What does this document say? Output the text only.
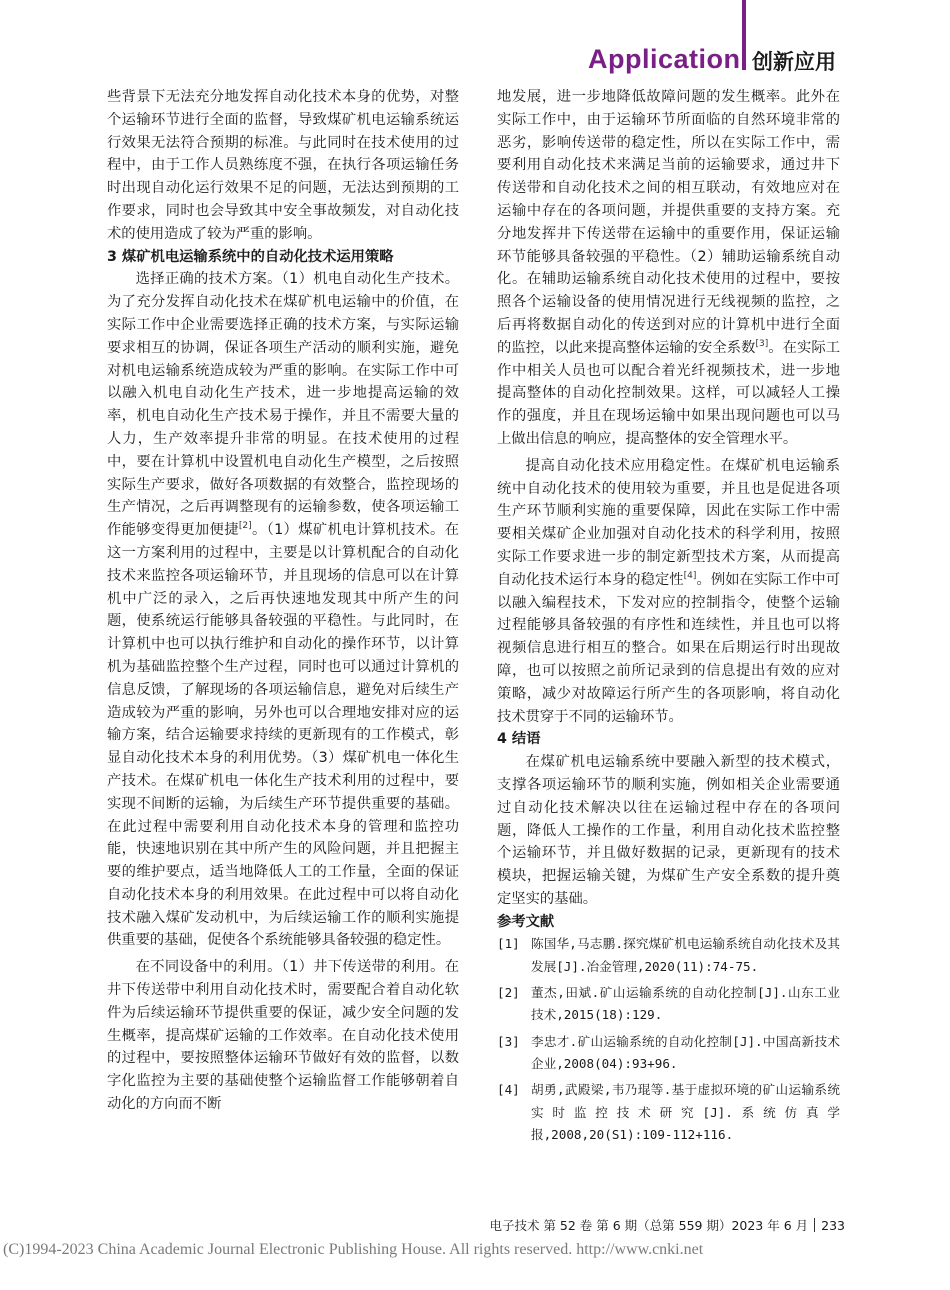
Application 创新应用

些背景下无法充分地发挥自动化技术本身的优势，对整个运输环节进行全面的监督，导致煤矿机电运输系统运行效果无法符合预期的标准。与此同时在技术使用的过程中，由于工作人员熟练度不强，在执行各项运输任务时出现自动化运行效果不足的问题，无法达到预期的工作要求，同时也会导致其中安全事故频发，对自动化技术的使用造成了较为严重的影响。

3 煤矿机电运输系统中的自动化技术运用策略

选择正确的技术方案。（1）机电自动化生产技术。为了充分发挥自动化技术在煤矿机电运输中的价值，在实际工作中企业需要选择正确的技术方案，与实际运输要求相互的协调，保证各项生产活动的顺利实施，避免对机电运输系统造成较为严重的影响。在实际工作中可以融入机电自动化生产技术，进一步地提高运输的效率，机电自动化生产技术易于操作，并且不需要大量的人力，生产效率提升非常的明显。在技术使用的过程中，要在计算机中设置机电自动化生产模型，之后按照实际生产要求，做好各项数据的有效整合，监控现场的生产情况，之后再调整现有的运输参数，使各项运输工作能够变得更加便捷[2]。（1）煤矿机电计算机技术。在这一方案利用的过程中，主要是以计算机配合的自动化技术来监控各项运输环节，并且现场的信息可以在计算机中广泛的录入，之后再快速地发现其中所产生的问题，使系统运行能够具备较强的平稳性。与此同时，在计算机中也可以执行维护和自动化的操作环节，以计算机为基础监控整个生产过程，同时也可以通过计算机的信息反馈，了解现场的各项运输信息，避免对后续生产造成较为严重的影响，另外也可以合理地安排对应的运输方案，结合运输要求持续的更新现有的工作模式，彰显自动化技术本身的利用优势。（3）煤矿机电一体化生产技术。在煤矿机电一体化生产技术利用的过程中，要实现不间断的运输，为后续生产环节提供重要的基础。在此过程中需要利用自动化技术本身的管理和监控功能，快速地识别在其中所产生的风险问题，并且把握主要的维护要点，适当地降低人工的工作量，全面的保证自动化技术本身的利用效果。在此过程中可以将自动化技术融入煤矿发动机中，为后续运输工作的顺利实施提供重要的基础，促使各个系统能够具备较强的稳定性。

在不同设备中的利用。（1）井下传送带的利用。在井下传送带中利用自动化技术时，需要配合着自动化软件为后续运输环节提供重要的保证，减少安全问题的发生概率，提高煤矿运输的工作效率。在自动化技术使用的过程中，要按照整体运输环节做好有效的监督，以数字化监控为主要的基础使整个运输监督工作能够朝着自动化的方向而不断

地发展，进一步地降低故障问题的发生概率。此外在实际工作中，由于运输环节所面临的自然环境非常的恶劣，影响传送带的稳定性，所以在实际工作中，需要利用自动化技术来满足当前的运输要求，通过井下传送带和自动化技术之间的相互联动，有效地应对在运输中存在的各项问题，并提供重要的支持方案。充分地发挥井下传送带在运输中的重要作用，保证运输环节能够具备较强的平稳性。（2）辅助运输系统自动化。在辅助运输系统自动化技术使用的过程中，要按照各个运输设备的使用情况进行无线视频的监控，之后再将数据自动化的传送到对应的计算机中进行全面的监控，以此来提高整体运输的安全系数[3]。在实际工作中相关人员也可以配合着光纤视频技术，进一步地提高整体的自动化控制效果。这样，可以减轻人工操作的强度，并且在现场运输中如果出现问题也可以马上做出信息的响应，提高整体的安全管理水平。

提高自动化技术应用稳定性。在煤矿机电运输系统中自动化技术的使用较为重要，并且也是促进各项生产环节顺利实施的重要保障，因此在实际工作中需要相关煤矿企业加强对自动化技术的科学利用，按照实际工作要求进一步的制定新型技术方案，从而提高自动化技术运行本身的稳定性[4]。例如在实际工作中可以融入编程技术，下发对应的控制指令，使整个运输过程能够具备较强的有序性和连续性，并且也可以将视频信息进行相互的整合。如果在后期运行时出现故障，也可以按照之前所记录到的信息提出有效的应对策略，减少对故障运行所产生的各项影响，将自动化技术贯穿于不同的运输环节。

4 结语

在煤矿机电运输系统中要融入新型的技术模式，支撑各项运输环节的顺利实施，例如相关企业需要通过自动化技术解决以往在运输过程中存在的各项问题，降低人工操作的工作量，利用自动化技术监控整个运输环节，并且做好数据的记录，更新现有的技术模块，把握运输关键，为煤矿生产安全系数的提升奠定坚实的基础。

参考文献
[1] 陈国华,马志鹏.探究煤矿机电运输系统自动化技术及其发展[J].冶金管理,2020(11):74-75.
[2] 董杰,田斌.矿山运输系统的自动化控制[J].山东工业技术,2015(18):129.
[3] 李忠才.矿山运输系统的自动化控制[J].中国高新技术企业,2008(04):93+96.
[4] 胡勇,武殿梁,韦乃琨等.基于虚拟环境的矿山运输系统实时监控技术研究[J].系统仿真学报,2008,20(S1):109-112+116.
电子技术 第 52 卷 第 6 期（总第 559 期）2023 年 6 月 233
(C)1994-2023 China Academic Journal Electronic Publishing House. All rights reserved. http://www.cnki.net
